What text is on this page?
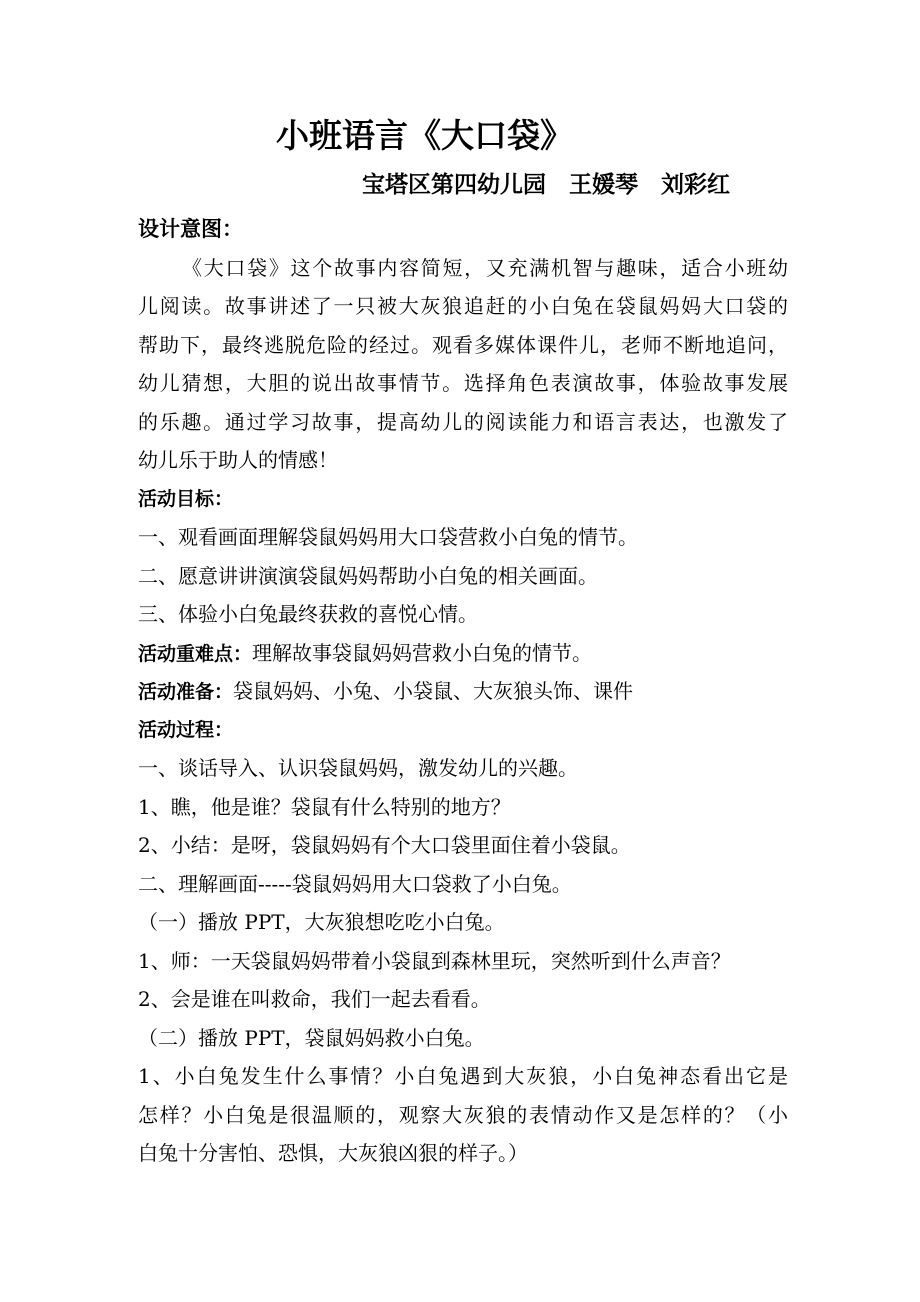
小班语言《大口袋》
宝塔区第四幼儿园　王媛琴　刘彩红
设计意图：
《大口袋》这个故事内容简短，又充满机智与趣味，适合小班幼
儿阅读。故事讲述了一只被大灰狼追赶的小白兔在袋鼠妈妈大口袋的
帮助下，最终逃脱危险的经过。观看多媒体课件儿，老师不断地追问，
幼儿猜想，大胆的说出故事情节。选择角色表演故事，体验故事发展
的乐趣。通过学习故事，提高幼儿的阅读能力和语言表达，也激发了
幼儿乐于助人的情感！
活动目标：
一、观看画面理解袋鼠妈妈用大口袋营救小白兔的情节。
二、愿意讲讲演演袋鼠妈妈帮助小白兔的相关画面。
三、体验小白兔最终获救的喜悦心情。
活动重难点：理解故事袋鼠妈妈营救小白兔的情节。
活动准备：袋鼠妈妈、小兔、小袋鼠、大灰狼头饰、课件
活动过程：
一、谈话导入、认识袋鼠妈妈，激发幼儿的兴趣。
1、瞧，他是谁？袋鼠有什么特别的地方？
2、小结：是呀，袋鼠妈妈有个大口袋里面住着小袋鼠。
二、理解画面-----袋鼠妈妈用大口袋救了小白兔。
（一）播放 PPT，大灰狼想吃吃小白兔。
1、师：一天袋鼠妈妈带着小袋鼠到森林里玩，突然听到什么声音？
2、会是谁在叫救命，我们一起去看看。
（二）播放 PPT，袋鼠妈妈救小白兔。
1、小白兔发生什么事情？小白兔遇到大灰狼，小白兔神态看出它是
怎样？小白兔是很温顺的，观察大灰狼的表情动作又是怎样的？（小
白兔十分害怕、恐惧，大灰狼凶狠的样子。）
